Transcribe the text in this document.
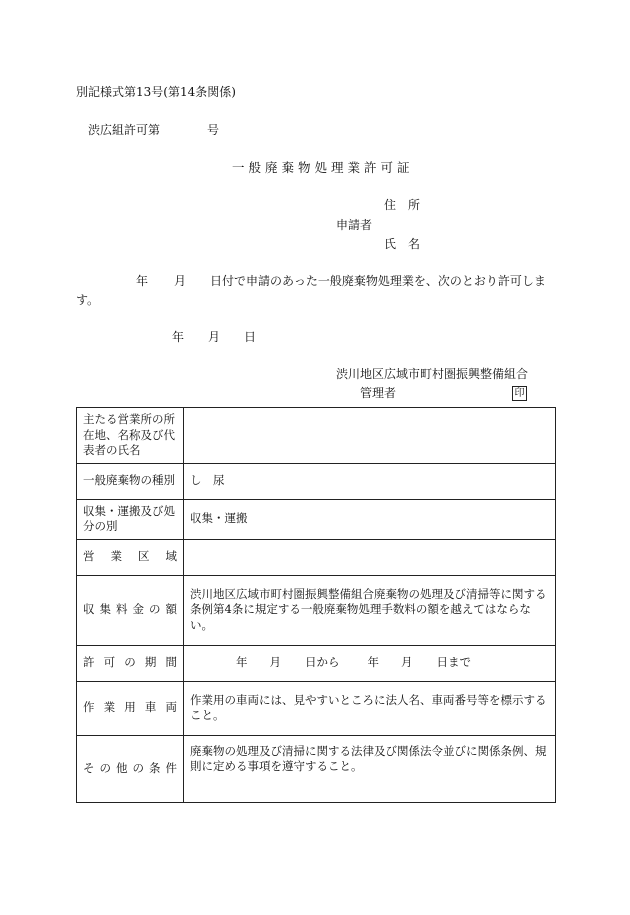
別記様式第13号(第14条関係)
渋広組許可第	号
一般廃棄物処理業許可証
住　所
申請者
氏　名
年 月 日付で申請のあった一般廃棄物処理業を、次のとおり許可しま
す。
年 月 日
渋川地区広域市町村圏振興整備組合
管理者	印
主たる営業所の所在地、名称及び代表者の氏名	
一般廃棄物の種別	し　尿
収集・運搬及び処分の別	収集・運搬
営業区域	
収集料金の額	渋川地区広域市町村圏振興整備組合廃棄物の処理及び清掃等に関する条例第4条に規定する一般廃棄物処理手数料の額を越えてはならない。
許可の期間	年 月 日から 年 月 日まで
作業用車両	作業用の車両には、見やすいところに法人名、車両番号等を標示すること。
その他の条件	廃棄物の処理及び清掃に関する法律及び関係法令並びに関係条例、規則に定める事項を遵守すること。
